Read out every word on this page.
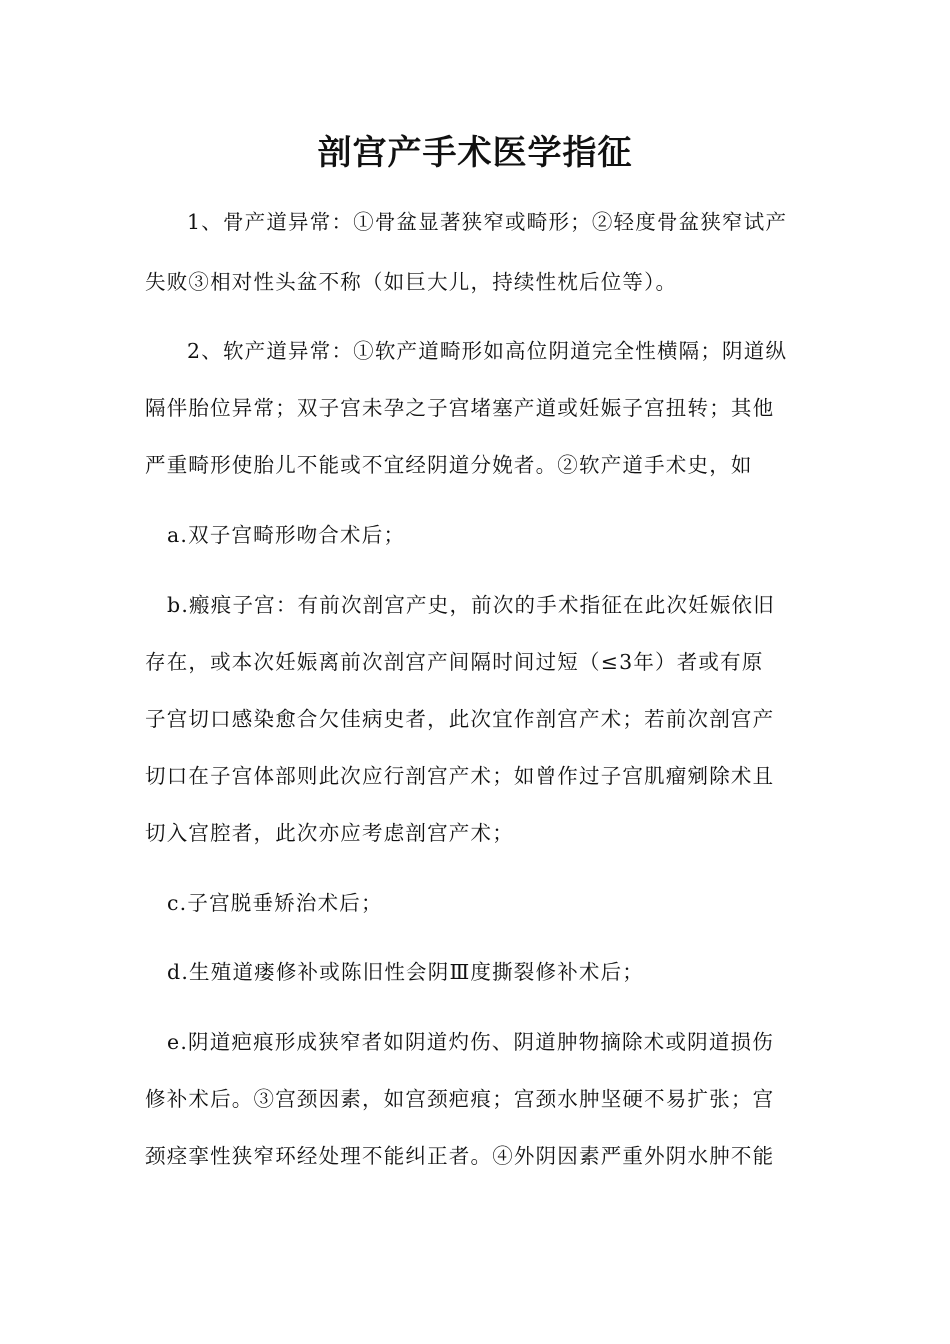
剖宫产手术医学指征
1、骨产道异常：①骨盆显著狭窄或畸形；②轻度骨盆狭窄试产
失败③相对性头盆不称（如巨大儿，持续性枕后位等）。
2、软产道异常：①软产道畸形如高位阴道完全性横隔；阴道纵
隔伴胎位异常；双子宫未孕之子宫堵塞产道或妊娠子宫扭转；其他
严重畸形使胎儿不能或不宜经阴道分娩者。②软产道手术史，如
a.双子宫畸形吻合术后；
b.瘢痕子宫：有前次剖宫产史，前次的手术指征在此次妊娠依旧
存在，或本次妊娠离前次剖宫产间隔时间过短（≤3年）者或有原
子宫切口感染愈合欠佳病史者，此次宜作剖宫产术；若前次剖宫产
切口在子宫体部则此次应行剖宫产术；如曾作过子宫肌瘤剜除术且
切入宫腔者，此次亦应考虑剖宫产术；
c.子宫脱垂矫治术后；
d.生殖道瘘修补或陈旧性会阴Ⅲ度撕裂修补术后；
e.阴道疤痕形成狭窄者如阴道灼伤、阴道肿物摘除术或阴道损伤
修补术后。③宫颈因素，如宫颈疤痕；宫颈水肿坚硬不易扩张；宫
颈痉挛性狭窄环经处理不能纠正者。④外阴因素严重外阴水肿不能
